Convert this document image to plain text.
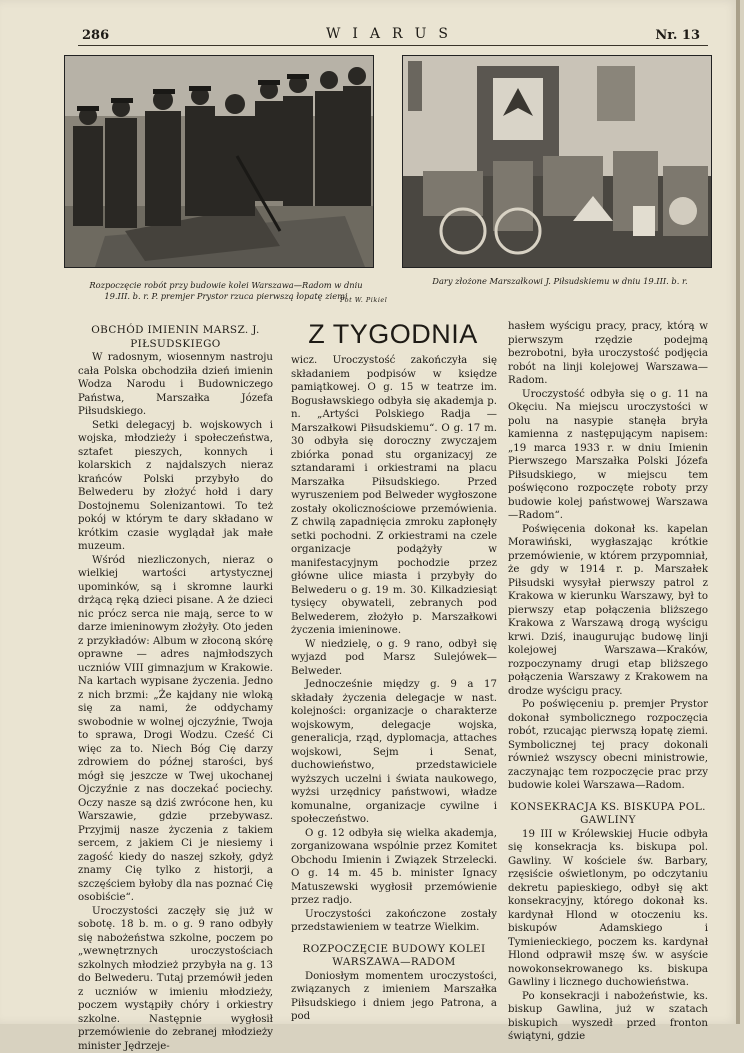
286	WIARUS	Nr. 13
Rozpoczęcie robót przy budowie kolei Warszawa—Radom w dniu 19.III. b. r. P. premjer Prystor rzuca pierwszą łopatę ziemi
Fot W. Pikiel
Dary złożone Marszałkowi J. Piłsudskiemu w dniu 19.III. b. r.
Z TYGODNIA
OBCHÓD IMIENIN MARSZ. J. PIŁSUDSKIEGO

W radosnym, wiosennym nastroju cała Polska obchodziła dzień imienin Wodza Narodu i Budowniczego Państwa, Marszałka Józefa Piłsudskiego.

Setki delegacyj b. wojskowych i wojska, młodzieży i społeczeństwa, sztafet pieszych, konnych i kolarskich z najdalszych nieraz krańców Polski przybyło do Belwederu by złożyć hołd i dary Dostojnemu Solenizantowi. To też pokój w którym te dary składano w krótkim czasie wyglądał jak małe muzeum.

Wśród niezliczonych, nieraz o wielkiej wartości artystycznej upominków, są i skromne laurki drżącą ręką dzieci pisane. A że dzieci nic prócz serca nie mają, serce to w darze imieninowym złożyły. Oto jeden z przykładów: Album w złoconą skórę oprawne — adres najmłodszych uczniów VIII gimnazjum w Krakowie. Na kartach wypisane życzenia. Jedno z nich brzmi: „Że kajdany nie wloką się za nami, że oddychamy swobodnie w wolnej ojczyźnie, Twoja to sprawa, Drogi Wodzu. Cześć Ci więc za to. Niech Bóg Cię darzy zdrowiem do późnej starości, byś mógł się jeszcze w Twej ukochanej Ojczyźnie z nas doczekać pociechy. Oczy nasze są dziś zwrócone hen, ku Warszawie, gdzie przebywasz. Przyjmij nasze życzenia z takiem sercem, z jakiem Ci je niesiemy i zagość kiedy do naszej szkoły, gdyż znamy Cię tylko z historji, a szczęściem byłoby dla nas poznać Cię osobiście“.

Uroczystości zaczęły się już w sobotę. 18 b. m. o g. 9 rano odbyły się nabożeństwa szkolne, poczem po „wewnętrznych uroczystościach szkolnych młodzież przybyła na g. 13 do Belwederu. Tutaj przemówił jeden z uczniów w imieniu młodzieży, poczem wystąpiły chóry i orkiestry szkolne. Następnie wygłosił przemówienie do zebranej młodzieży minister Jędrzeje-

wicz. Uroczystość zakończyła się składaniem podpisów w księdze pamiątkowej. O g. 15 w teatrze im. Bogusławskiego odbyła się akademja p. n. „Artyści Polskiego Radja — Marszałkowi Piłsudskiemu“. O g. 17 m. 30 odbyła się doroczny zwyczajem zbiórka ponad stu organizacyj ze sztandarami i orkiestrami na placu Marszałka Piłsudskiego. Przed wyruszeniem pod Belweder wygłoszone zostały okolicznościowe przemówienia. Z chwilą zapadnięcia zmroku zapłonęły setki pochodni. Z orkiestrami na czele organizacje podążyły w manifestacyjnym pochodzie przez główne ulice miasta i przybyły do Belwederu o g. 19 m. 30. Kilkadziesiąt tysięcy obywateli, zebranych pod Belwederem, złożyło p. Marszałkowi życzenia imieninowe.

W niedzielę, o g. 9 rano, odbył się wyjazd pod Marsz Sulejówek—Belweder.

Jednocześnie między g. 9 a 17 składały życzenia delegacje w nast. kolejności: organizacje o charakterze wojskowym, delegacje wojska, generalicja, rząd, dyplomacja, attaches wojskowi, Sejm i Senat, duchowieństwo, przedstawiciele wyższych uczelni i świata naukowego, wyżsi urzędnicy państwowi, władze komunalne, organizacje cywilne i społeczeństwo.

O g. 12 odbyła się wielka akademja, zorganizowana wspólnie przez Komitet Obchodu Imienin i Związek Strzelecki. O g. 14 m. 45 b. minister Ignacy Matuszewski wygłosił przemówienie przez radjo.

Uroczystości zakończone zostały przedstawieniem w teatrze Wielkim.

ROZPOCZĘCIE BUDOWY KOLEI WARSZAWA—RADOM

Doniosłym momentem uroczystości, związanych z imieniem Marszałka Piłsudskiego i dniem jego Patrona, a pod

hasłem wyścigu pracy, pracy, którą w pierwszym rzędzie podejmą bezrobotni, była uroczystość podjęcia robót na linji kolejowej Warszawa—Radom.

Uroczystość odbyła się o g. 11 na Okęciu. Na miejscu uroczystości w polu na nasypie stanęła bryła kamienna z następującym napisem: „19 marca 1933 r. w dniu Imienin Pierwszego Marszałka Polski Józefa Piłsudskiego, w miejscu tem poświęcono rozpoczęte roboty przy budowie kolej państwowej Warszawa—Radom“.

Poświęcenia dokonał ks. kapelan Morawiński, wygłaszając krótkie przemówienie, w którem przypomniał, że gdy w 1914 r. p. Marszałek Piłsudski wysyłał pierwszy patrol z Krakowa w kierunku Warszawy, był to pierwszy etap połączenia bliższego Krakowa z Warszawą drogą wyścigu krwi. Dziś, inaugurując budowę linji kolejowej Warszawa—Kraków, rozpoczynamy drugi etap bliższego połączenia Warszawy z Krakowem na drodze wyścigu pracy.

Po poświęceniu p. premjer Prystor dokonał symbolicznego rozpoczęcia robót, rzucając pierwszą łopatę ziemi. Symbolicznej tej pracy dokonali również wszyscy obecni ministrowie, zaczynając tem rozpoczęcie prac przy budowie kolei Warszawa—Radom.

KONSEKRACJA KS. BISKUPA POL. GAWLINY

19 III w Królewskiej Hucie odbyła się konsekracja ks. biskupa pol. Gawliny. W kościele św. Barbary, rzęsiście oświetlonym, po odczytaniu dekretu papieskiego, odbył się akt konsekracyjny, którego dokonał ks. kardynał Hlond w otoczeniu ks. biskupów Adamskiego i Tymienieckiego, poczem ks. kardynał Hlond odprawił mszę św. w asyście nowokonsekrowanego ks. biskupa Gawliny i licznego duchowieństwa.

Po konsekracji i nabożeństwie, ks. biskup Gawlina, już w szatach biskupich wyszedł przed fronton świątyni, gdzie
